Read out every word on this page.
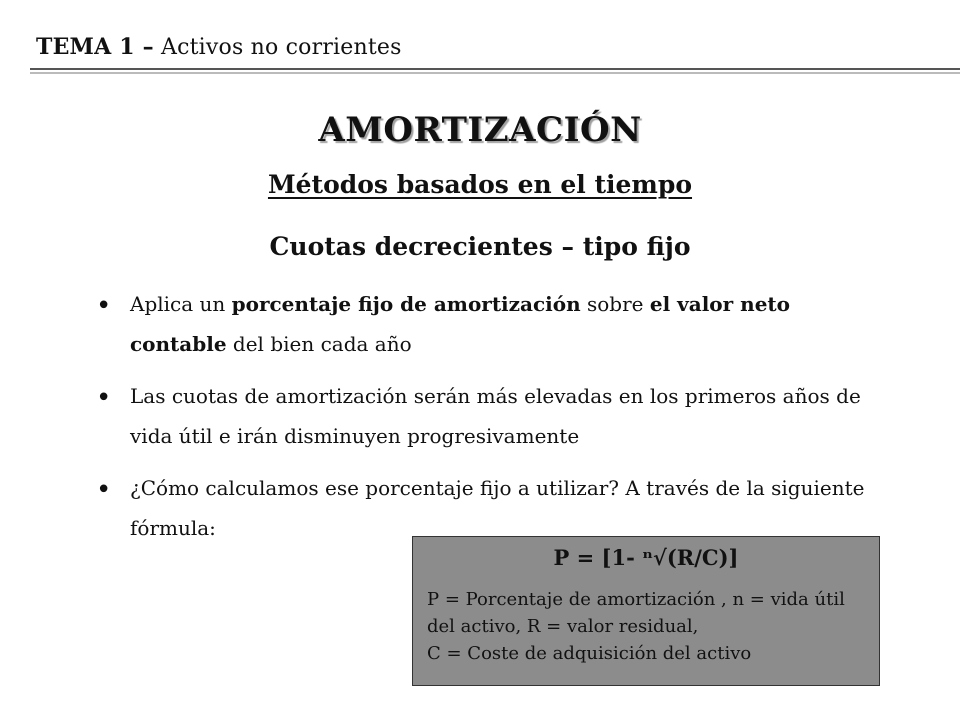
TEMA 1 – Activos no corrientes
AMORTIZACIÓN
Métodos basados en el tiempo
Cuotas decrecientes – tipo fijo
• Aplica un porcentaje fijo de amortización sobre el valor neto contable del bien cada año
• Las cuotas de amortización serán más elevadas en los primeros años de vida útil e irán disminuyen progresivamente
• ¿Cómo calculamos ese porcentaje fijo a utilizar? A través de la siguiente fórmula:
P = [1- ⁿ√(R/C)]
P = Porcentaje de amortización , n = vida útil del activo, R = valor residual,
C = Coste de adquisición del activo
